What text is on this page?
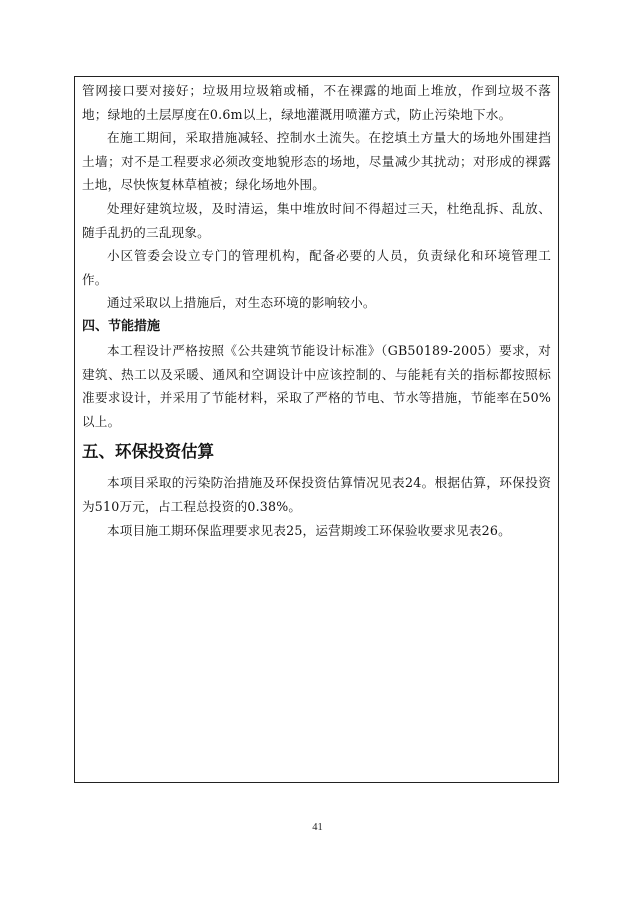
管网接口要对接好；垃圾用垃圾箱或桶，不在裸露的地面上堆放，作到垃圾不落地；绿地的土层厚度在0.6m以上，绿地灌溉用喷灌方式，防止污染地下水。

在施工期间，采取措施减轻、控制水土流失。在挖填土方量大的场地外围建挡土墙；对不是工程要求必须改变地貌形态的场地，尽量减少其扰动；对形成的裸露土地，尽快恢复林草植被；绿化场地外围。

处理好建筑垃圾，及时清运，集中堆放时间不得超过三天，杜绝乱拆、乱放、随手乱扔的三乱现象。

小区管委会设立专门的管理机构，配备必要的人员，负责绿化和环境管理工作。

通过采取以上措施后，对生态环境的影响较小。

四、节能措施

本工程设计严格按照《公共建筑节能设计标准》（GB50189-2005）要求，对建筑、热工以及采暖、通风和空调设计中应该控制的、与能耗有关的指标都按照标准要求设计，并采用了节能材料，采取了严格的节电、节水等措施，节能率在50%以上。

五、环保投资估算

本项目采取的污染防治措施及环保投资估算情况见表24。根据估算，环保投资为510万元，占工程总投资的0.38%。

本项目施工期环保监理要求见表25，运营期竣工环保验收要求见表26。

41
